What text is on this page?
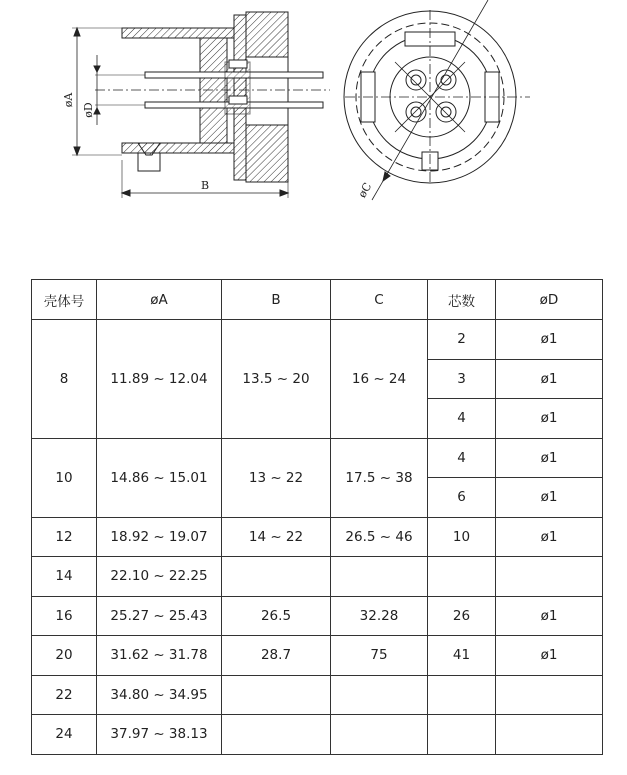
øA
øD
B	øC
壳体号	øA	B	C	芯数	øD
8	11.89 ~ 12.04	13.5 ~ 20	16 ~ 24	2	ø1
				3	ø1
				4	ø1
10	14.86 ~ 15.01	13 ~ 22	17.5 ~ 38	4	ø1
				6	ø1
12	18.92 ~ 19.07	14 ~ 22	26.5 ~ 46	10	ø1
14	22.10 ~ 22.25				
16	25.27 ~ 25.43	26.5	32.28	26	ø1
20	31.62 ~ 31.78	28.7	75	41	ø1
22	34.80 ~ 34.95				
24	37.97 ~ 38.13				
